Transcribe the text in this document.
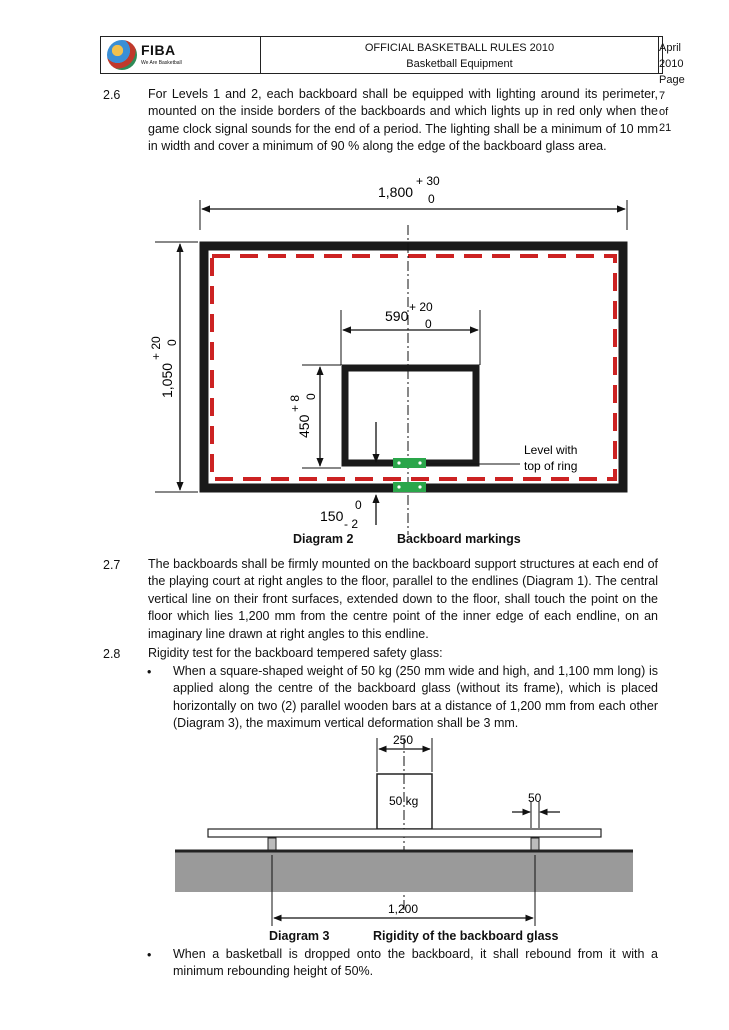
FIBA
We Are Basketball
OFFICIAL BASKETBALL RULES 2010
Basketball Equipment
April 2010
Page 7 of 21
2.6 For Levels 1 and 2, each backboard shall be equipped with lighting around its perimeter, mounted on the inside borders of the backboards and which lights up in red only when the game clock signal sounds for the end of a period. The lighting shall be a minimum of 10 mm in width and cover a minimum of 90 % along the edge of the backboard glass area.

1,800
+ 30
0
1,050
+ 20 0
590
+ 20
0
450
+ 8 0
150
0
- 2
Level with
top of ring
Diagram 2	Backboard markings
2.7 The backboards shall be firmly mounted on the backboard support structures at each end of the playing court at right angles to the floor, parallel to the endlines (Diagram 1). The central vertical line on their front surfaces, extended down to the floor, shall touch the point on the floor which lies 1,200 mm from the centre point of the inner edge of each endline, on an imaginary line drawn at right angles to this endline.

2.8 Rigidity test for the backboard tempered safety glass:

• When a square-shaped weight of 50 kg (250 mm wide and high, and 1,100 mm long) is applied along the centre of the backboard glass (without its frame), which is placed horizontally on two (2) parallel wooden bars at a distance of 1,200 mm from each other (Diagram 3), the maximum vertical deformation shall be 3 mm.

250
50 kg	50
1,200
Diagram 3	Rigidity of the backboard glass
• When a basketball is dropped onto the backboard, it shall rebound from it with a minimum rebounding height of 50%.
